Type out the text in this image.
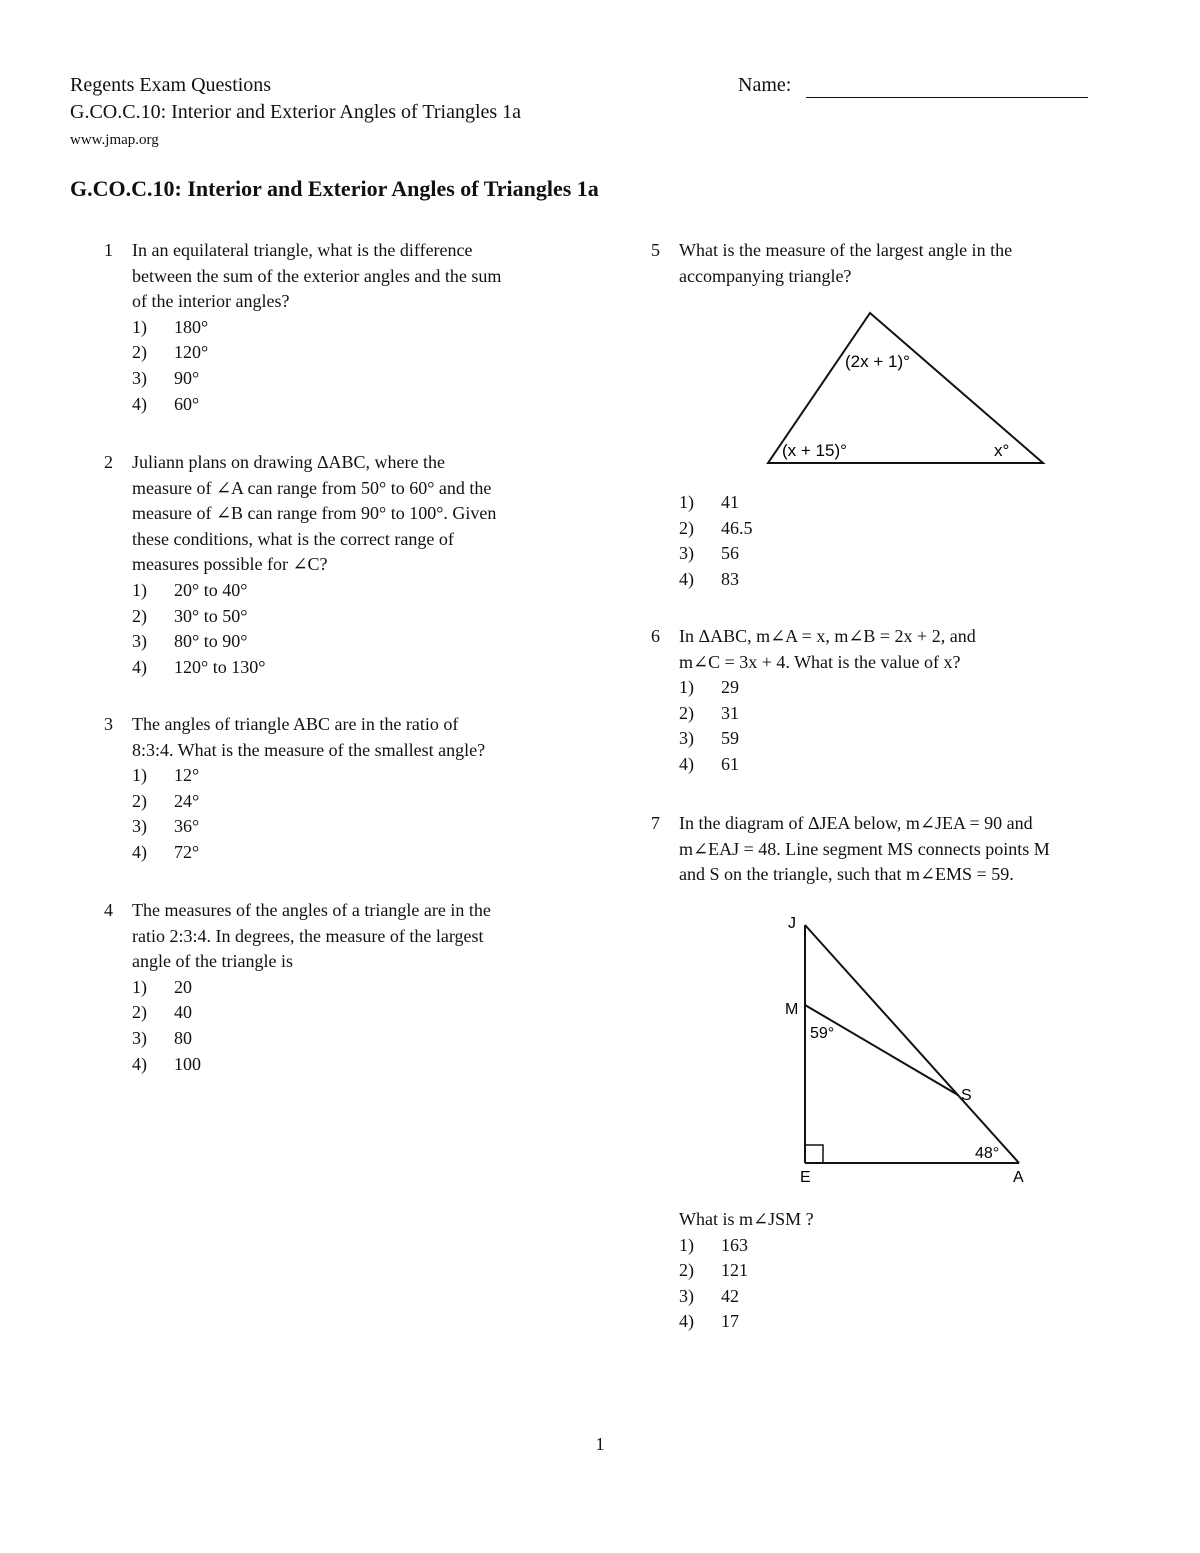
Regents Exam Questions
G.CO.C.10: Interior and Exterior Angles of Triangles 1a
www.jmap.org
Name:
G.CO.C.10: Interior and Exterior Angles of Triangles 1a
1 In an equilateral triangle, what is the difference
between the sum of the exterior angles and the sum
of the interior angles?
1)	180°
2)	120°
3)	90°
4)	60°
2 Juliann plans on drawing ΔABC, where the
measure of ∠A can range from 50° to 60° and the
measure of ∠B can range from 90° to 100°. Given
these conditions, what is the correct range of
measures possible for ∠C?
1)	20° to 40°
2)	30° to 50°
3)	80° to 90°
4)	120° to 130°
3 The angles of triangle ABC are in the ratio of
8:3:4. What is the measure of the smallest angle?
1)	12°
2)	24°
3)	36°
4)	72°
4 The measures of the angles of a triangle are in the
ratio 2:3:4. In degrees, the measure of the largest
angle of the triangle is
1)	20
2)	40
3)	80
4)	100
5 What is the measure of the largest angle in the
accompanying triangle?
(2x + 1)°
(x + 15)°	x°
1)	41
2)	46.5
3)	56
4)	83
6 In ΔABC, m∠A = x, m∠B = 2x + 2, and
m∠C = 3x + 4. What is the value of x?
1)	29
2)	31
3)	59
4)	61
7 In the diagram of ΔJEA below, m∠JEA = 90 and
m∠EAJ = 48. Line segment MS connects points M
and S on the triangle, such that m∠EMS = 59.
J
M
59°
S
48°
E	A
What is m∠JSM ?
1)	163
2)	121
3)	42
4)	17
1
